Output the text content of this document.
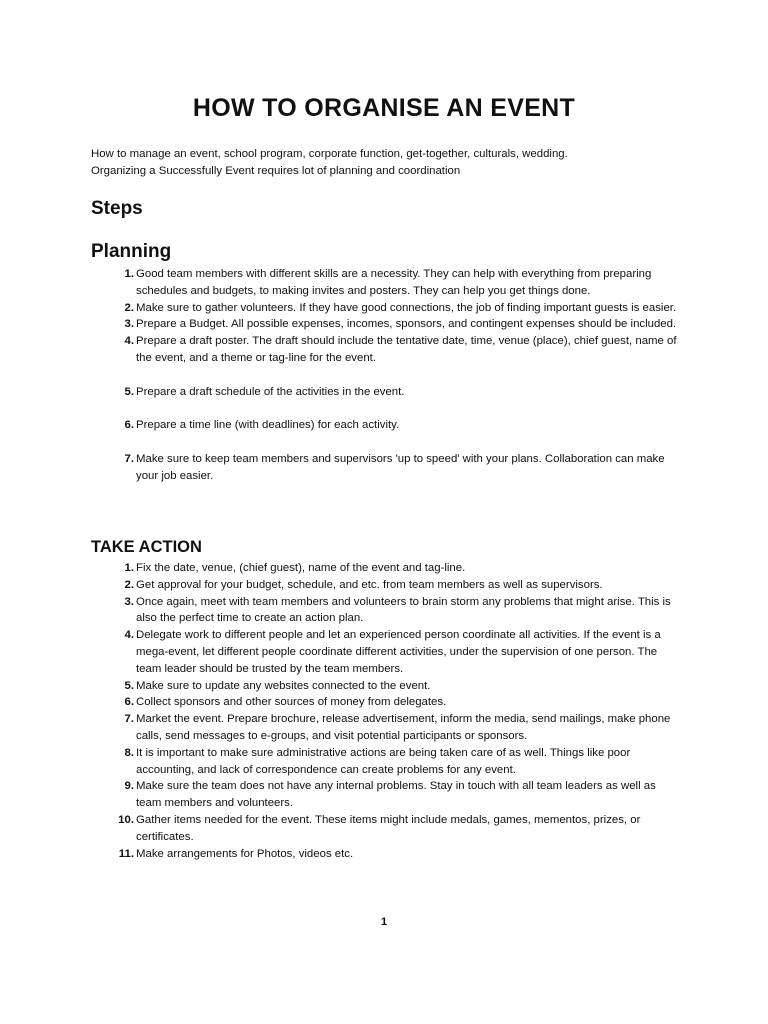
HOW TO ORGANISE AN EVENT

How to manage an event, school program, corporate function, get-together, culturals, wedding.

Organizing a Successfully Event requires lot of planning and coordination

Steps
Planning
1. Good team members with different skills are a necessity. They can help with everything from preparing schedules and budgets, to making invites and posters. They can help you get things done.
2. Make sure to gather volunteers. If they have good connections, the job of finding important guests is easier.
3. Prepare a Budget. All possible expenses, incomes, sponsors, and contingent expenses should be included.
4. Prepare a draft poster. The draft should include the tentative date, time, venue (place), chief guest, name of the event, and a theme or tag-line for the event.
5. Prepare a draft schedule of the activities in the event.
6. Prepare a time line (with deadlines) for each activity.
7. Make sure to keep team members and supervisors 'up to speed' with your plans. Collaboration can make your job easier.
TAKE ACTION
1. Fix the date, venue, (chief guest), name of the event and tag-line.
2. Get approval for your budget, schedule, and etc. from team members as well as supervisors.
3. Once again, meet with team members and volunteers to brain storm any problems that might arise. This is also the perfect time to create an action plan.
4. Delegate work to different people and let an experienced person coordinate all activities. If the event is a mega-event, let different people coordinate different activities, under the supervision of one person. The team leader should be trusted by the team members.
5. Make sure to update any websites connected to the event.
6. Collect sponsors and other sources of money from delegates.
7. Market the event. Prepare brochure, release advertisement, inform the media, send mailings, make phone calls, send messages to e-groups, and visit potential participants or sponsors.
8. It is important to make sure administrative actions are being taken care of as well. Things like poor accounting, and lack of correspondence can create problems for any event.
9. Make sure the team does not have any internal problems. Stay in touch with all team leaders as well as team members and volunteers.
10. Gather items needed for the event. These items might include medals, games, mementos, prizes, or certificates.
11. Make arrangements for Photos, videos etc.
1
